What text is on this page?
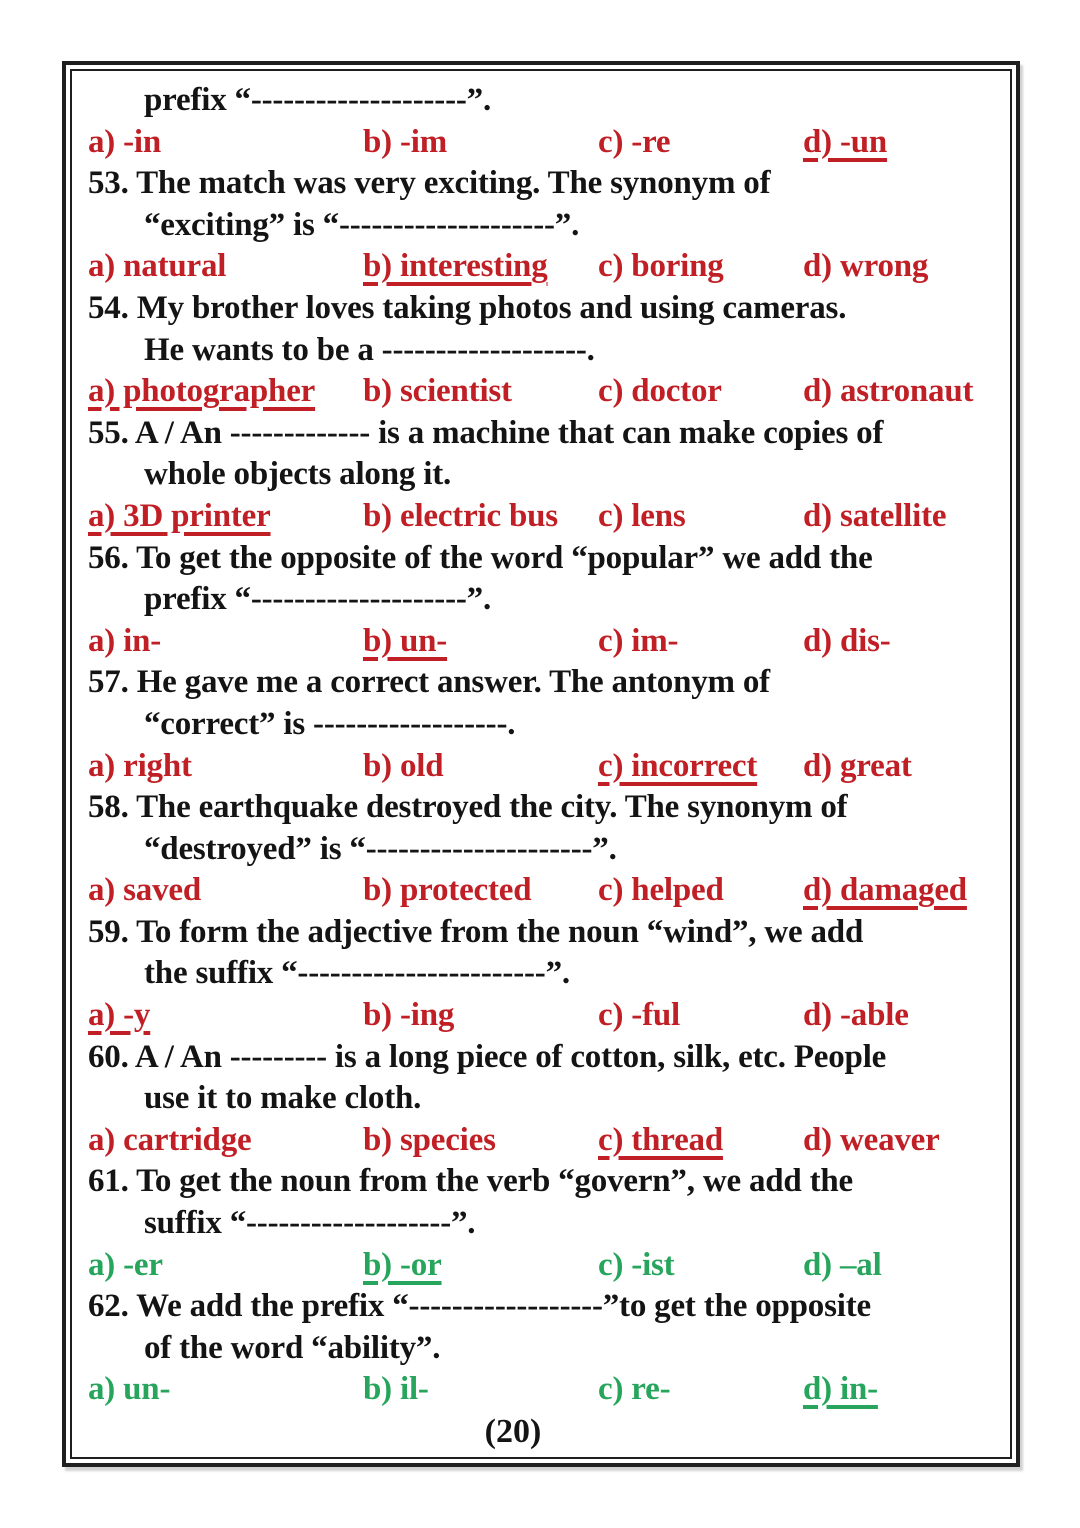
prefix “--------------------”.
a) -in	b) -im	c) -re	d) -un
53. The match was very exciting. The synonym of
“exciting” is “--------------------”.
a) natural	b) interesting	c) boring	d) wrong
54. My brother loves taking photos and using cameras.
He wants to be a -------------------.
a) photographer	b) scientist	c) doctor	d) astronaut
55. A / An ------------- is a machine that can make copies of
whole objects along it.
a) 3D printer	b) electric bus	c) lens	d) satellite
56. To get the opposite of the word “popular” we add the
prefix “--------------------”.
a) in-	b) un-	c) im-	d) dis-
57. He gave me a correct answer. The antonym of
“correct” is ------------------.
a) right	b) old	c) incorrect	d) great
58. The earthquake destroyed the city. The synonym of
“destroyed” is “---------------------”.
a) saved	b) protected	c) helped	d) damaged
59. To form the adjective from the noun “wind”, we add
the suffix “-----------------------”.
a) -y	b) -ing	c) -ful	d) -able
60. A / An --------- is a long piece of cotton, silk, etc. People
use it to make cloth.
a) cartridge	b) species	c) thread	d) weaver
61. To get the noun from the verb “govern”, we add the
suffix “-------------------”.
a) -er	b) -or	c) -ist	d) –al
62. We add the prefix “------------------”to get the opposite
of the word “ability”.
a) un-	b) il-	c) re-	d) in-
(20)
